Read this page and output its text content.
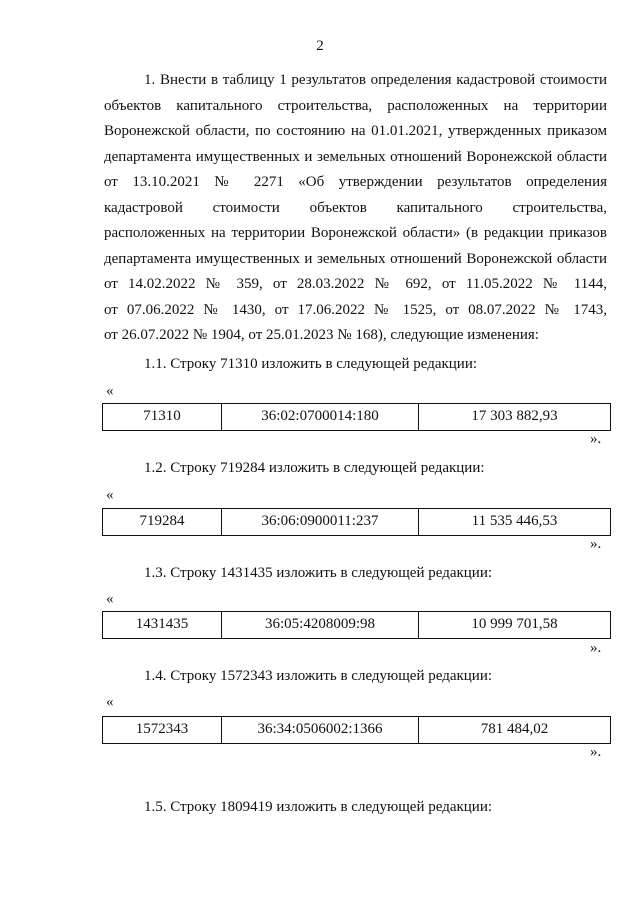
2
1. Внести в таблицу 1 результатов определения кадастровой стоимости
объектов капитального строительства, расположенных на территории
Воронежской области, по состоянию на 01.01.2021, утвержденных приказом
департамента имущественных и земельных отношений Воронежской области
от 13.10.2021 № 2271 «Об утверждении результатов определения
кадастровой стоимости объектов капитального строительства,
расположенных на территории Воронежской области» (в редакции приказов
департамента имущественных и земельных отношений Воронежской области
от 14.02.2022 № 359, от 28.03.2022 № 692, от 11.05.2022 № 1144,
от 07.06.2022 № 1430, от 17.06.2022 № 1525, от 08.07.2022 № 1743,
от 26.07.2022 № 1904, от 25.01.2023 № 168), следующие изменения:
1.1. Строку 71310 изложить в следующей редакции:
«
71310	36:02:0700014:180	17 303 882,93
».
1.2. Строку 719284 изложить в следующей редакции:
«
719284	36:06:0900011:237	11 535 446,53
».
1.3. Строку 1431435 изложить в следующей редакции:
«
1431435	36:05:4208009:98	10 999 701,58
».
1.4. Строку 1572343 изложить в следующей редакции:
«
1572343	36:34:0506002:1366	781 484,02
».
1.5. Строку 1809419 изложить в следующей редакции:
